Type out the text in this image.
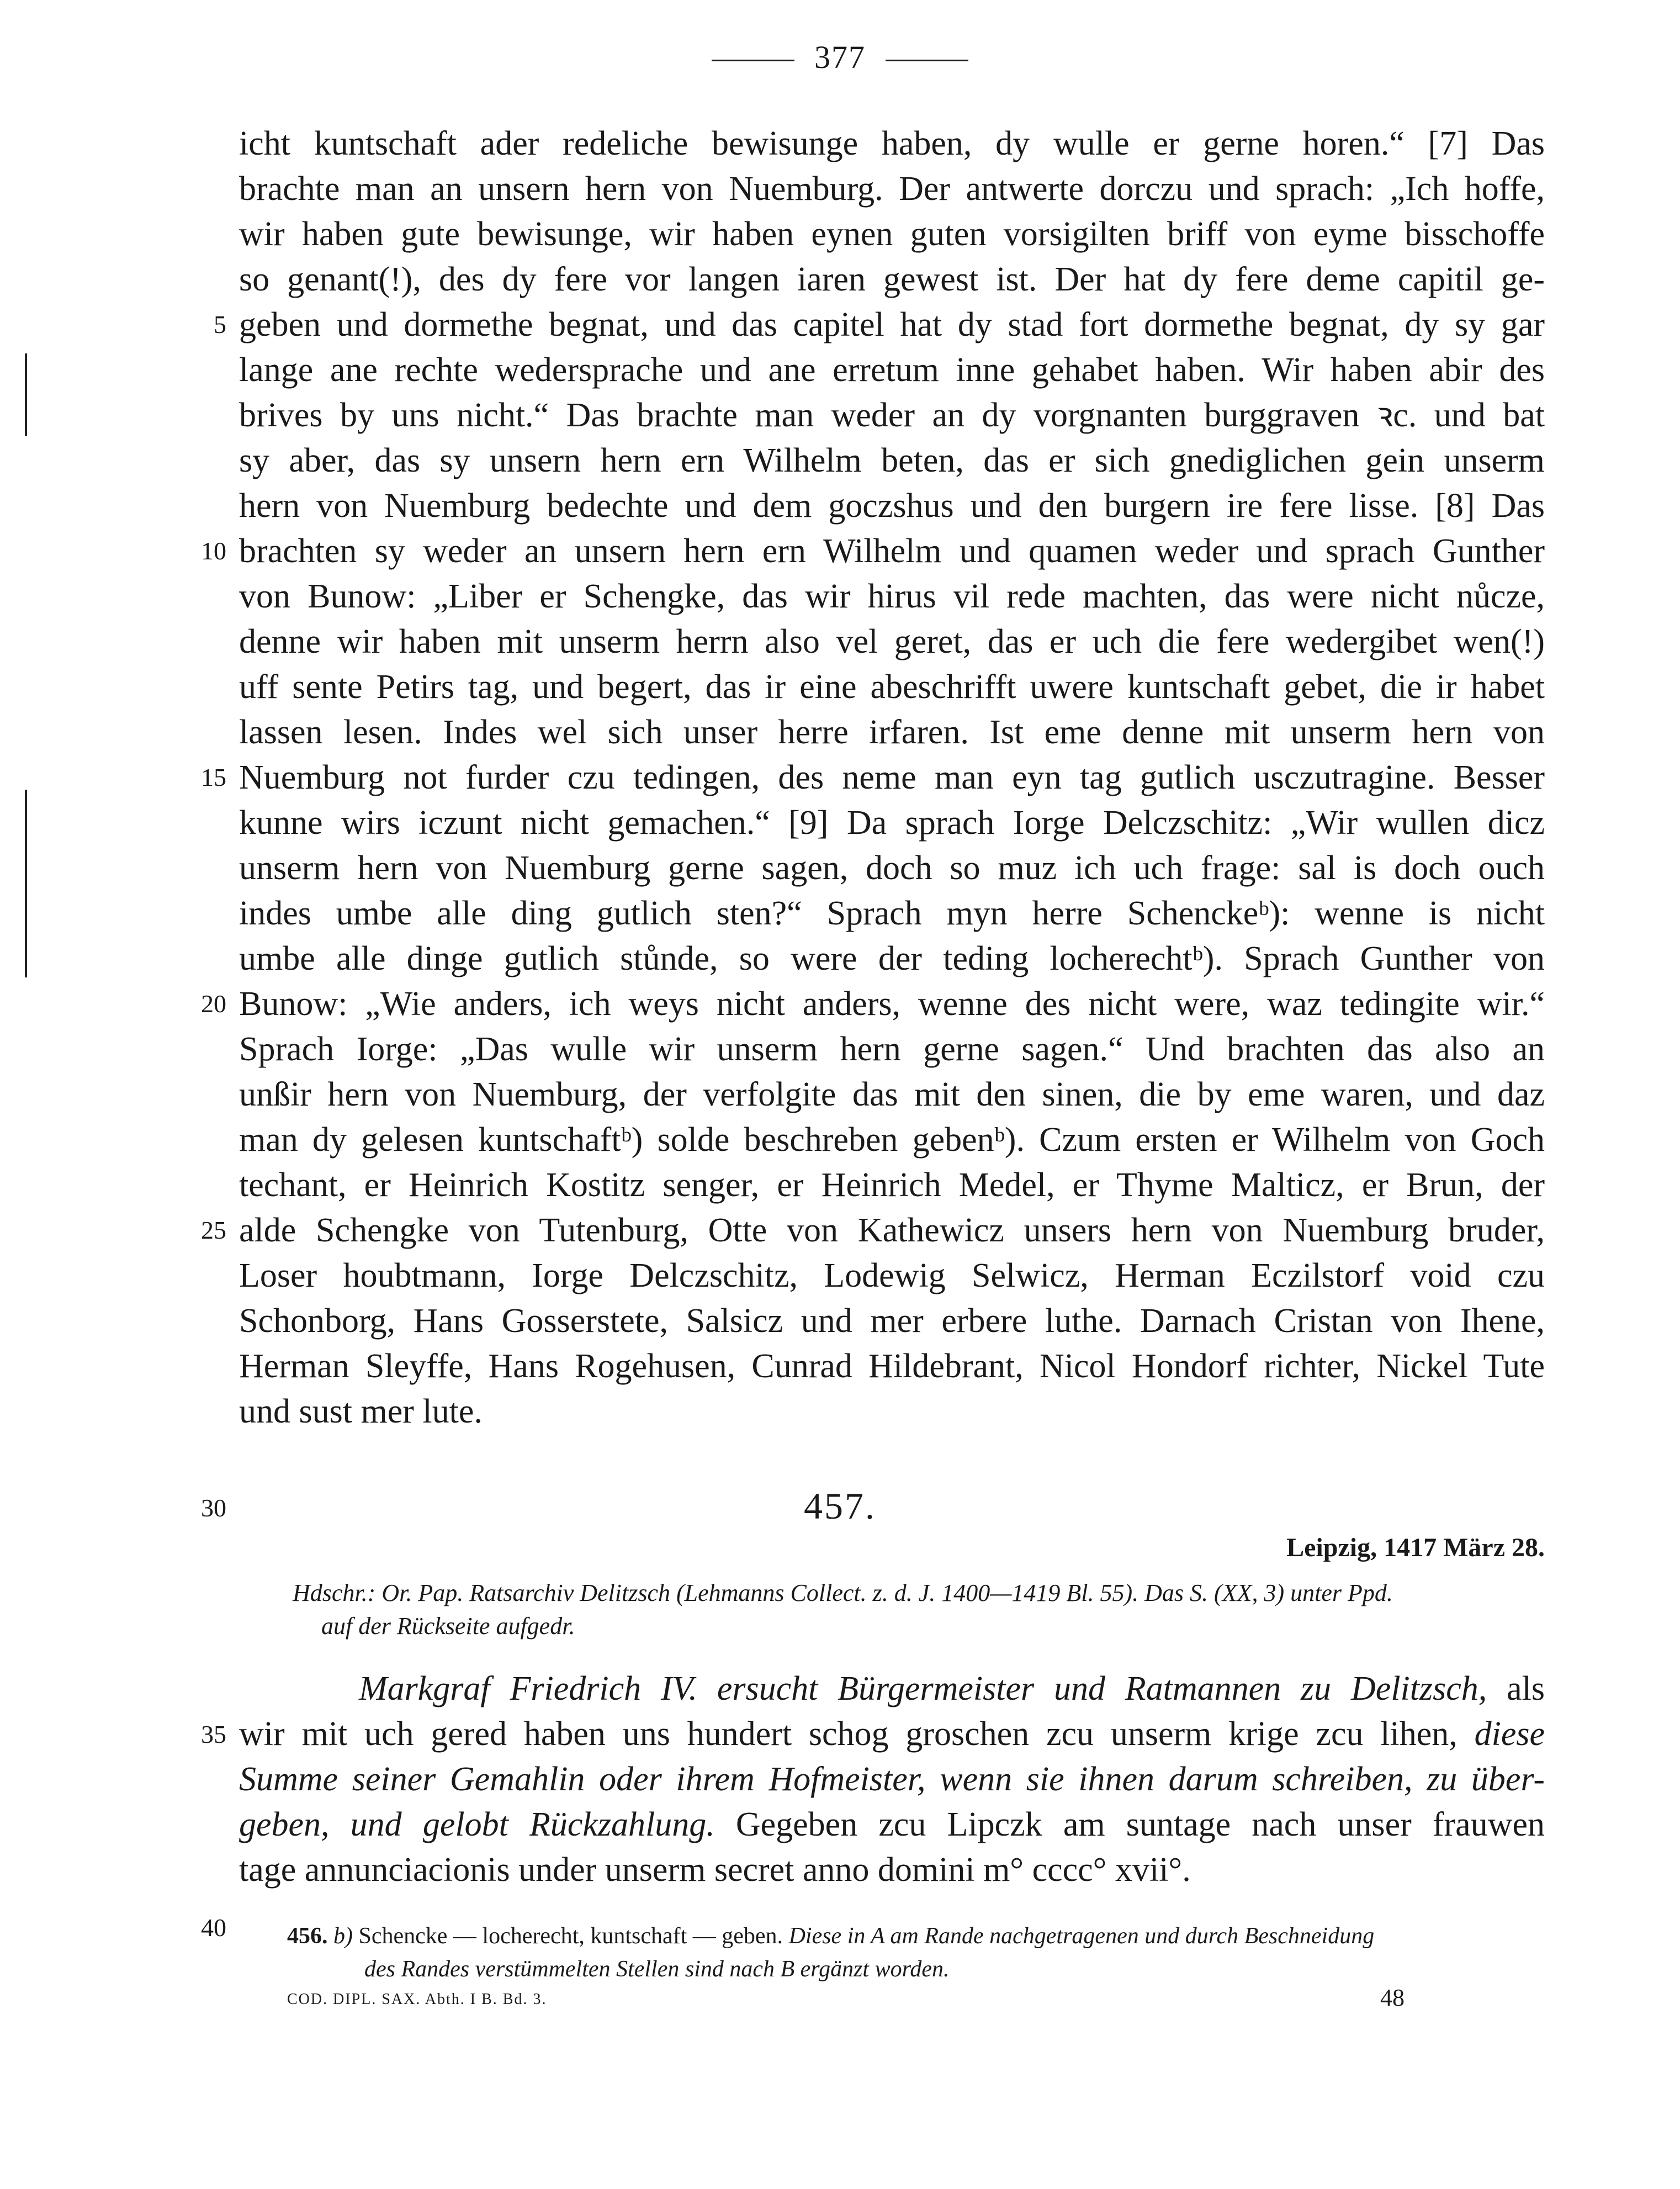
377
icht kuntschaft ader redeliche bewisunge haben, dy wulle er gerne horen.“ [7] Das
brachte man an unsern hern von Nuemburg. Der antwerte dorczu und sprach: „Ich hoffe,
wir haben gute bewisunge, wir haben eynen guten vorsigilten briff von eyme bisschoffe
so genant(!), des dy fere vor langen iaren gewest ist. Der hat dy fere deme capitil ge-
geben und dormethe begnat, und das capitel hat dy stad fort dormethe begnat, dy sy gar
lange ane rechte wedersprache und ane erretum inne gehabet haben. Wir haben abir des
brives by uns nicht.“ Das brachte man weder an dy vorgnanten burggraven ꝛc. und bat
sy aber, das sy unsern hern ern Wilhelm beten, das er sich gnediglichen gein unserm
hern von Nuemburg bedechte und dem goczshus und den burgern ire fere lisse. [8] Das
brachten sy weder an unsern hern ern Wilhelm und quamen weder und sprach Gunther
von Bunow: „Liber er Schengke, das wir hirus vil rede machten, das were nicht nůcze,
denne wir haben mit unserm herrn also vel geret, das er uch die fere wedergibet wen(!)
uff sente Petirs tag, und begert, das ir eine abeschrifft uwere kuntschaft gebet, die ir habet
lassen lesen. Indes wel sich unser herre irfaren. Ist eme denne mit unserm hern von
Nuemburg not furder czu tedingen, des neme man eyn tag gutlich usczutragine. Besser
kunne wirs iczunt nicht gemachen.“ [9] Da sprach Iorge Delczschitz: „Wir wullen dicz
unserm hern von Nuemburg gerne sagen, doch so muz ich uch frage: sal is doch ouch
indes umbe alle ding gutlich sten?“ Sprach myn herre Schenckeᵇ): wenne is nicht
umbe alle dinge gutlich stůnde, so were der teding locherechtᵇ). Sprach Gunther von
Bunow: „Wie anders, ich weys nicht anders, wenne des nicht were, waz tedingite wir.“
Sprach Iorge: „Das wulle wir unserm hern gerne sagen.“ Und brachten das also an
unßir hern von Nuemburg, der verfolgite das mit den sinen, die by eme waren, und daz
man dy gelesen kuntschaftᵇ) solde beschreben gebenᵇ). Czum ersten er Wilhelm von Goch
techant, er Heinrich Kostitz senger, er Heinrich Medel, er Thyme Malticz, er Brun, der
alde Schengke von Tutenburg, Otte von Kathewicz unsers hern von Nuemburg bruder,
Loser houbtmann, Iorge Delczschitz, Lodewig Selwicz, Herman Eczilstorf void czu
Schonborg, Hans Gosserstete, Salsicz und mer erbere luthe. Darnach Cristan von Ihene,
Herman Sleyffe, Hans Rogehusen, Cunrad Hildebrant, Nicol Hondorf richter, Nickel Tute
und sust mer lute.
5
10
15
20
25
30
35
40
457.
Leipzig, 1417 März 28.
Hdschr.: Or. Pap. Ratsarchiv Delitzsch (Lehmanns Collect. z. d. J. 1400—1419 Bl. 55). Das S. (XX, 3) unter Ppd.
auf der Rückseite aufgedr.
Markgraf Friedrich IV. ersucht Bürgermeister und Ratmannen zu Delitzsch, als
wir mit uch gered haben uns hundert schog groschen zcu unserm krige zcu lihen, diese
Summe seiner Gemahlin oder ihrem Hofmeister, wenn sie ihnen darum schreiben, zu über-
geben, und gelobt Rückzahlung. Gegeben zcu Lipczk am suntage nach unser frauwen
tage annunciacionis under unserm secret anno domini m° cccc° xvii°.
456. b) Schencke — locherecht, kuntschaft — geben. Diese in A am Rande nachgetragenen und durch Beschneidung
des Randes verstümmelten Stellen sind nach B ergänzt worden.
COD. DIPL. SAX. Abth. I B. Bd. 3.	48
